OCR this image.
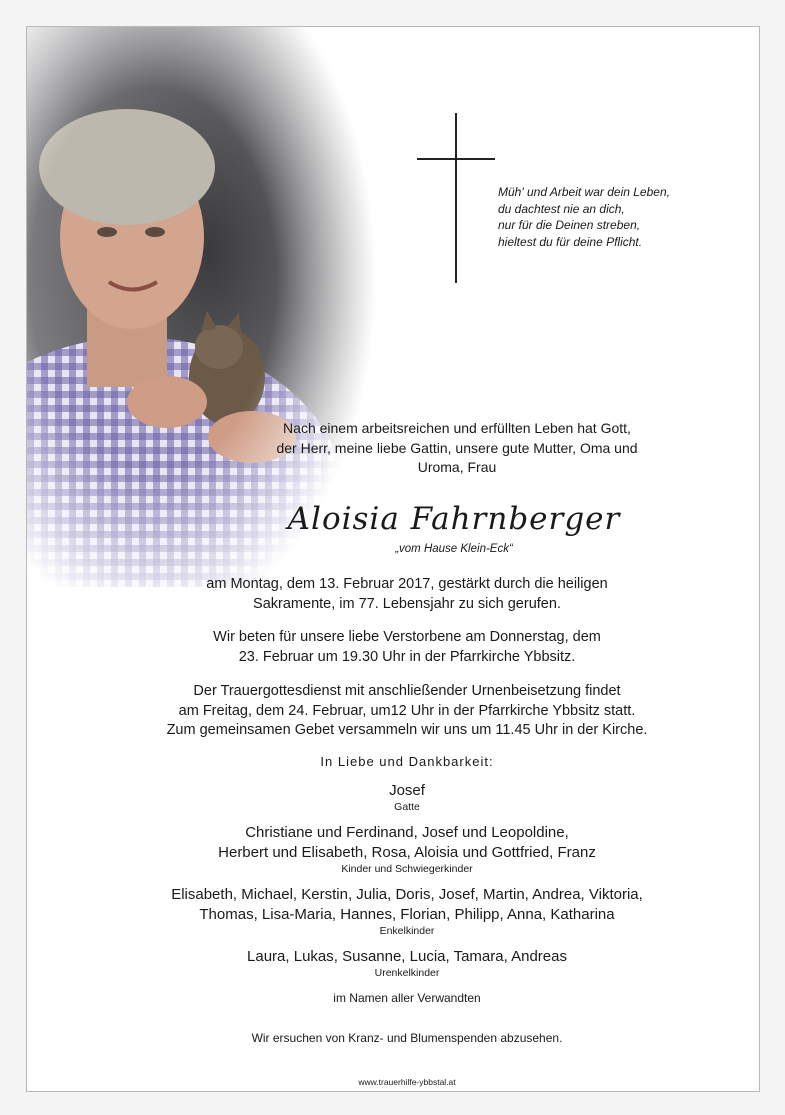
Müh' und Arbeit war dein Leben,
du dachtest nie an dich,
nur für die Deinen streben,
hieltest du für deine Pflicht.
Nach einem arbeitsreichen und erfüllten Leben hat Gott,
der Herr, meine liebe Gattin, unsere gute Mutter, Oma und
Uroma, Frau
Aloisia Fahrnberger
„vom Hause Klein-Eck“
am Montag, dem 13. Februar 2017, gestärkt durch die heiligen
Sakramente, im 77. Lebensjahr zu sich gerufen.
Wir beten für unsere liebe Verstorbene am Donnerstag, dem
23. Februar um 19.30 Uhr in der Pfarrkirche Ybbsitz.
Der Trauergottesdienst mit anschließender Urnenbeisetzung findet
am Freitag, dem 24. Februar, um12 Uhr in der Pfarrkirche Ybbsitz statt.
Zum gemeinsamen Gebet versammeln wir uns um 11.45 Uhr in der Kirche.
In Liebe und Dankbarkeit:
Josef
Gatte
Christiane und Ferdinand, Josef und Leopoldine,
Herbert und Elisabeth, Rosa, Aloisia und Gottfried, Franz
Kinder und Schwiegerkinder
Elisabeth, Michael, Kerstin, Julia, Doris, Josef, Martin, Andrea, Viktoria,
Thomas, Lisa-Maria, Hannes, Florian, Philipp, Anna, Katharina
Enkelkinder
Laura, Lukas, Susanne, Lucia, Tamara, Andreas
Urenkelkinder
im Namen aller Verwandten
Wir ersuchen von Kranz- und Blumenspenden abzusehen.
www.trauerhilfe-ybbstal.at
